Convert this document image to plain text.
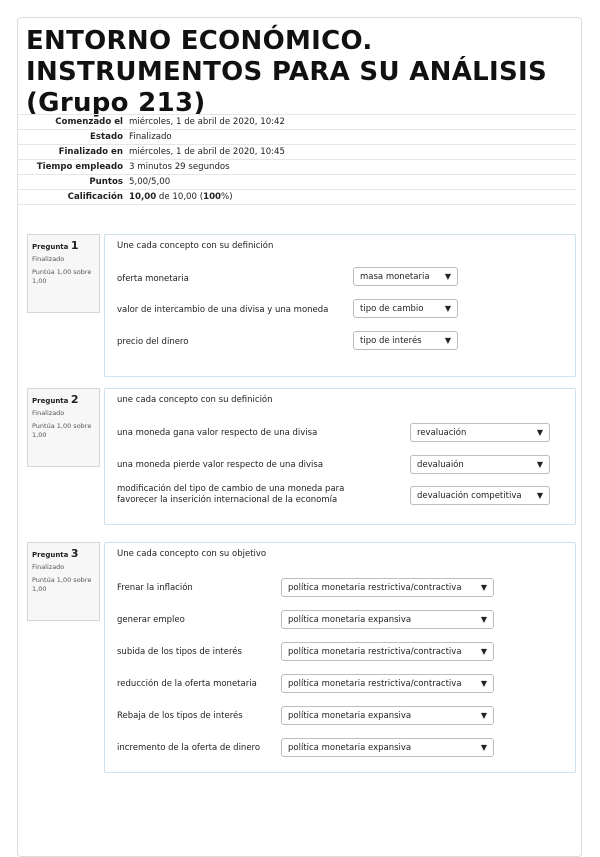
ENTORNO ECONÓMICO. INSTRUMENTOS PARA SU ANÁLISIS (Grupo 213)
Comenzado el	miércoles, 1 de abril de 2020, 10:42
Estado	Finalizado
Finalizado en	miércoles, 1 de abril de 2020, 10:45
Tiempo empleado	3 minutos 29 segundos
Puntos	5,00/5,00
Calificación	10,00 de 10,00 (100%)
Pregunta 1
Finalizado
Puntúa 1,00 sobre 1,00
Une cada concepto con su definición
oferta monetaria	masa monetaria ▼
valor de intercambio de una divisa y una moneda	tipo de cambio	▼
precio del dinero	tipo de interés	▼
Pregunta 2
Finalizado
Puntúa 1,00 sobre 1,00
une cada concepto con su definición
una moneda gana valor respecto de una divisa	revaluación	▼
una moneda pierde valor respecto de una divisa	devaluaión	▼
modificación del tipo de cambio de una moneda para favorecer la inserición internacional de la economía	devaluación competitiva ▼
Pregunta 3
Finalizado
Puntúa 1,00 sobre 1,00
Une cada concepto con su objetivo
Frenar la inflación	política monetaria restrictiva/contractiva ▼
generar empleo	política monetaria expansiva	▼
subida de los tipos de interés	política monetaria restrictiva/contractiva ▼
reducción de la oferta monetaria	política monetaria restrictiva/contractiva ▼
Rebaja de los tipos de interés	política monetaria expansiva	▼
incremento de la oferta de dinero	política monetaria expansiva	▼
